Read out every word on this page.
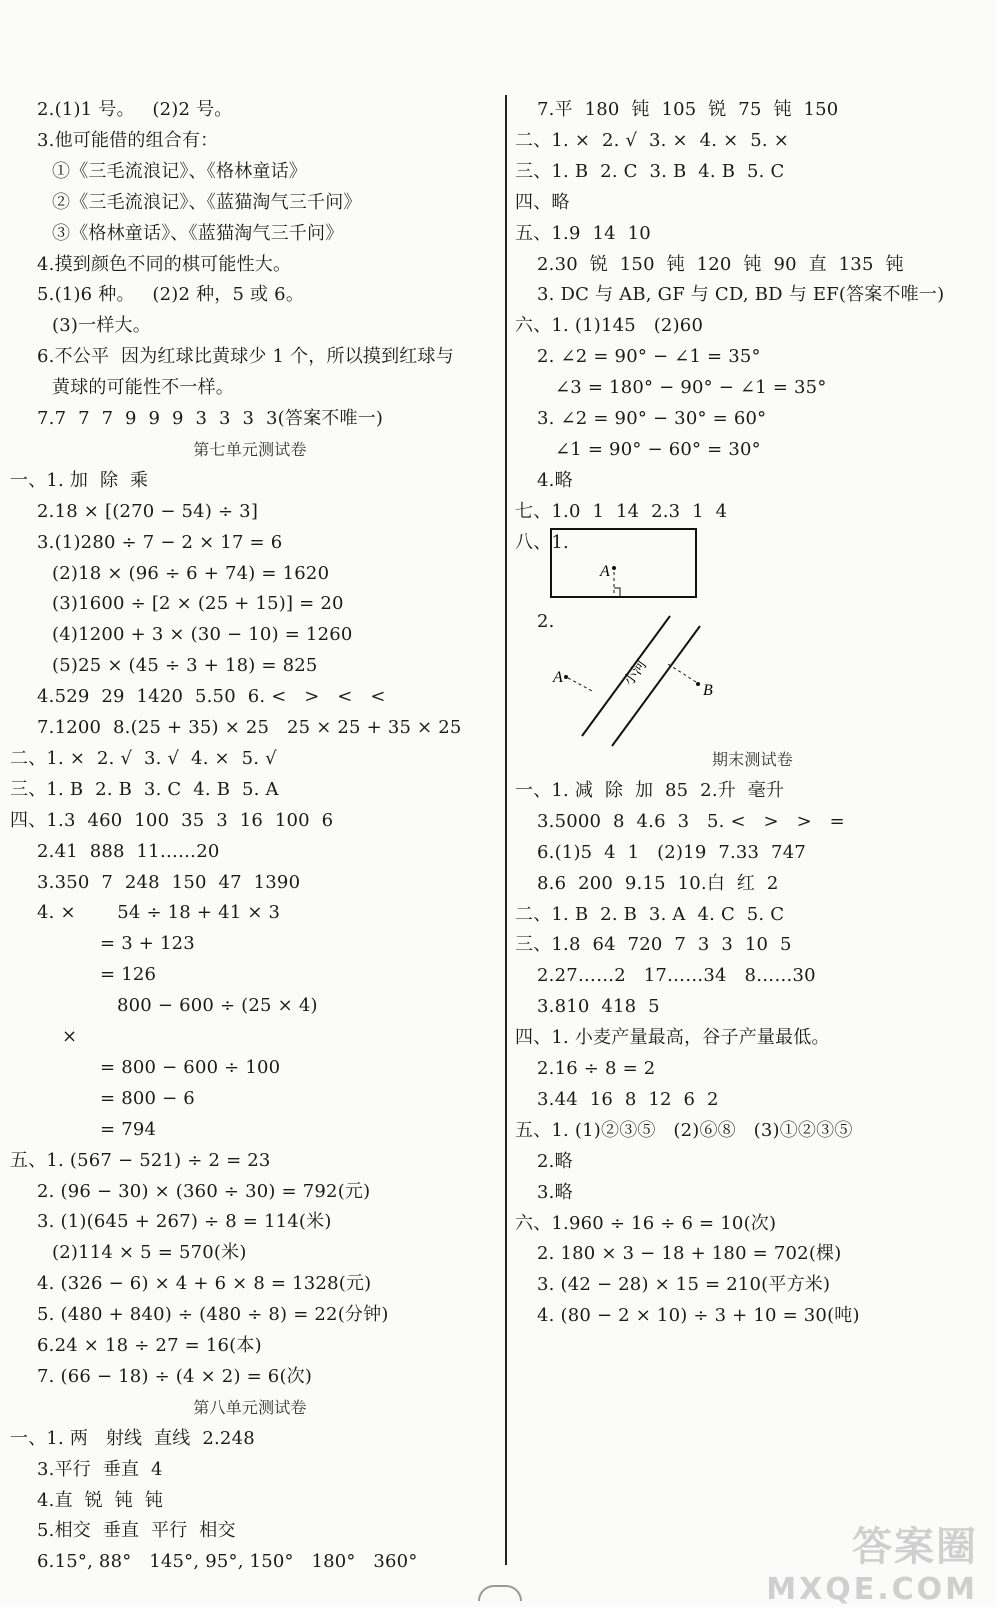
2.(1)1 号。   (2)2 号。
3.他可能借的组合有：
①《三毛流浪记》、《格林童话》
②《三毛流浪记》、《蓝猫淘气三千问》
③《格林童话》、《蓝猫淘气三千问》
4.摸到颜色不同的棋可能性大。
5.(1)6 种。   (2)2 种，5 或 6。
(3)一样大。
6.不公平  因为红球比黄球少 1 个，所以摸到红球与
黄球的可能性不一样。
7.7  7  7  9  9  9  3  3  3  3(答案不唯一)
第七单元测试卷
一、1. 加  除  乘
2.18 × [(270 − 54) ÷ 3]
3.(1)280 ÷ 7 − 2 × 17 = 6
(2)18 × (96 ÷ 6 + 74) = 1620
(3)1600 ÷ [2 × (25 + 15)] = 20
(4)1200 + 3 × (30 − 10) = 1260
(5)25 × (45 ÷ 3 + 18) = 825
4.529  29  1420  5.50  6. <   >   <   <
7.1200  8.(25 + 35) × 25   25 × 25 + 35 × 25
二、1. ×  2. √  3. √  4. ×  5. √
三、1. B  2. B  3. C  4. B  5. A
四、1.3  460  100  35  3  16  100  6
2.41  888  11……20
3.350  7  248  150  47  1390
4. ×       54 ÷ 18 + 41 × 3
= 3 + 123
= 126
800 − 600 ÷ (25 × 4)
×
= 800 − 600 ÷ 100
= 800 − 6
= 794
五、1. (567 − 521) ÷ 2 = 23
2. (96 − 30) × (360 ÷ 30) = 792(元)
3. (1)(645 + 267) ÷ 8 = 114(米)
(2)114 × 5 = 570(米)
4. (326 − 6) × 4 + 6 × 8 = 1328(元)
5. (480 + 840) ÷ (480 ÷ 8) = 22(分钟)
6.24 × 18 ÷ 27 = 16(本)
7. (66 − 18) ÷ (4 × 2) = 6(次)
第八单元测试卷
一、1. 两   射线  直线  2.248
3.平行  垂直  4
4.直  锐  钝  钝
5.相交  垂直  平行  相交
6.15°, 88°   145°, 95°, 150°   180°   360°
7.平  180  钝  105  锐  75  钝  150
二、1. ×  2. √  3. ×  4. ×  5. ×
三、1. B  2. C  3. B  4. B  5. C
四、略
五、1.9  14  10
2.30  锐  150  钝  120  钝  90  直  135  钝
3. DC 与 AB, GF 与 CD, BD 与 EF(答案不唯一)
六、1. (1)145   (2)60
2. ∠2 = 90° − ∠1 = 35°
∠3 = 180° − 90° − ∠1 = 35°
3. ∠2 = 90° − 30° = 60°
∠1 = 90° − 60° = 30°
4.略
七、1.0  1  14  2.3  1  4
八、1.
2.
期末测试卷
一、1. 减  除  加  85  2.升  毫升
3.5000  8  4.6  3   5. <   >   >   =
6.(1)5  4  1   (2)19  7.33  747
8.6  200  9.15  10.白  红  2
二、1. B  2. B  3. A  4. C  5. C
三、1.8  64  720  7  3  3  10  5
2.27……2   17……34   8……30
3.810  418  5
四、1. 小麦产量最高，谷子产量最低。
2.16 ÷ 8 = 2
3.44  16  8  12  6  2
五、1. (1)②③⑤   (2)⑥⑧   (3)①②③⑤
2.略
3.略
六、1.960 ÷ 16 ÷ 6 = 10(次)
2. 180 × 3 − 18 + 180 = 702(棵)
3. (42 − 28) × 15 = 210(平方米)
4. (80 − 2 × 10) ÷ 3 + 10 = 30(吨)
A
A
B
小河
答案圈
MXQE.COM
